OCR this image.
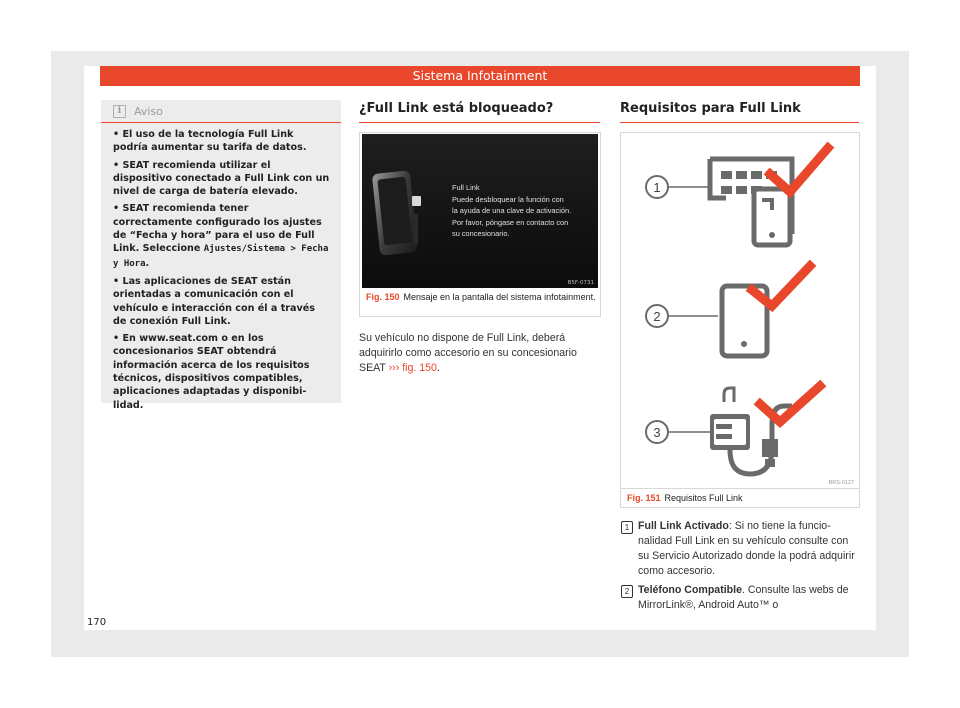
Sistema Infotainment
i	Aviso

• El uso de la tecnología Full Link podría aumentar su tarifa de datos.

• SEAT recomienda utilizar el dispositivo conectado a Full Link con un nivel de carga de batería elevado.

• SEAT recomienda tener correctamente configurado los ajustes de “Fecha y hora” para el uso de Full Link. Seleccione Ajustes/Sistema > Fecha y Hora.

• Las aplicaciones de SEAT están orientadas a comunicación con el vehículo e interacción con él a través de conexión Full Link.

• En www.seat.com o en los concesionarios SEAT obtendrá información acerca de los requisitos técnicos, dispositivos compatibles, aplicaciones adaptadas y disponibilidad.

¿Full Link está bloqueado?
Full Link
Puede desbloquear la función con
la ayuda de una clave de activación.
Por favor, póngase en contacto con
su concesionario.
B5F-0731
Fig. 150 Mensaje en la pantalla del sistema infotainment.
Su vehículo no dispone de Full Link, deberá adquirirlo como accesorio en su concesionario SEAT ››› fig. 150.
Requisitos para Full Link
1
2
3
BRS-0127
Fig. 151 Requisitos Full Link
1 Full Link Activado: Si no tiene la funcionalidad Full Link en su vehículo consulte con su Servicio Autorizado donde la podrá adquirir como accesorio.
2 Teléfono Compatible. Consulte las webs de MirrorLink®, Android Auto™ o
170
